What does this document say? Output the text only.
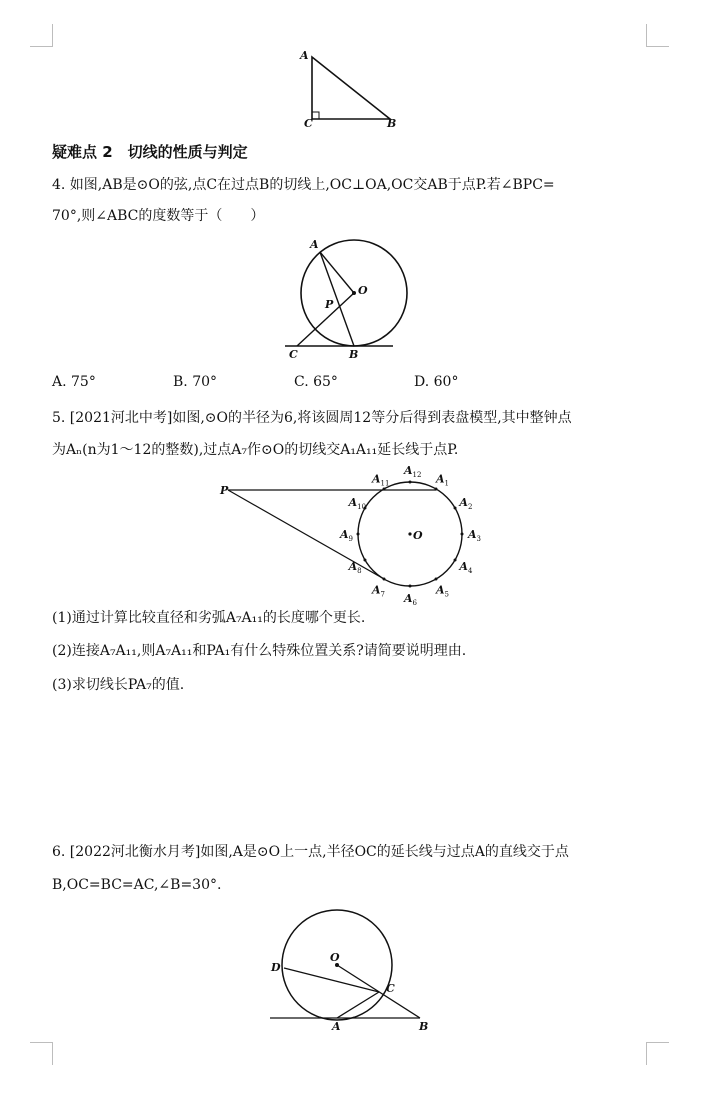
A
C	B
疑难点 2　切线的性质与判定
4. 如图,AB是⊙O的弦,点C在过点B的切线上,OC⊥OA,OC交AB于点P.若∠BPC=
70°,则∠ABC的度数等于（　　）
A
O
P
C	B
A. 75°	B. 70°	C. 65°	D. 60°
5. [2021河北中考]如图,⊙O的半径为6,将该圆周12等分后得到表盘模型,其中整钟点
为Aₙ(n为1～12的整数),过点A₇作⊙O的切线交A₁A₁₁延长线于点P.
$A_{12}$ $A_1$
$A_2$
$A_3$
$A_4$
$A_5$
$A_6$
$A_7$
$A_8$
$A_9$
$A_{10}$
$A_{11}$
P
O
(1)通过计算比较直径和劣弧A₇A₁₁的长度哪个更长.
(2)连接A₇A₁₁,则A₇A₁₁和PA₁有什么特殊位置关系?请简要说明理由.
(3)求切线长PA₇的值.
6. [2022河北衡水月考]如图,A是⊙O上一点,半径OC的延长线与过点A的直线交于点
B,OC=BC=AC,∠B=30°.
O
D
C
A	B
